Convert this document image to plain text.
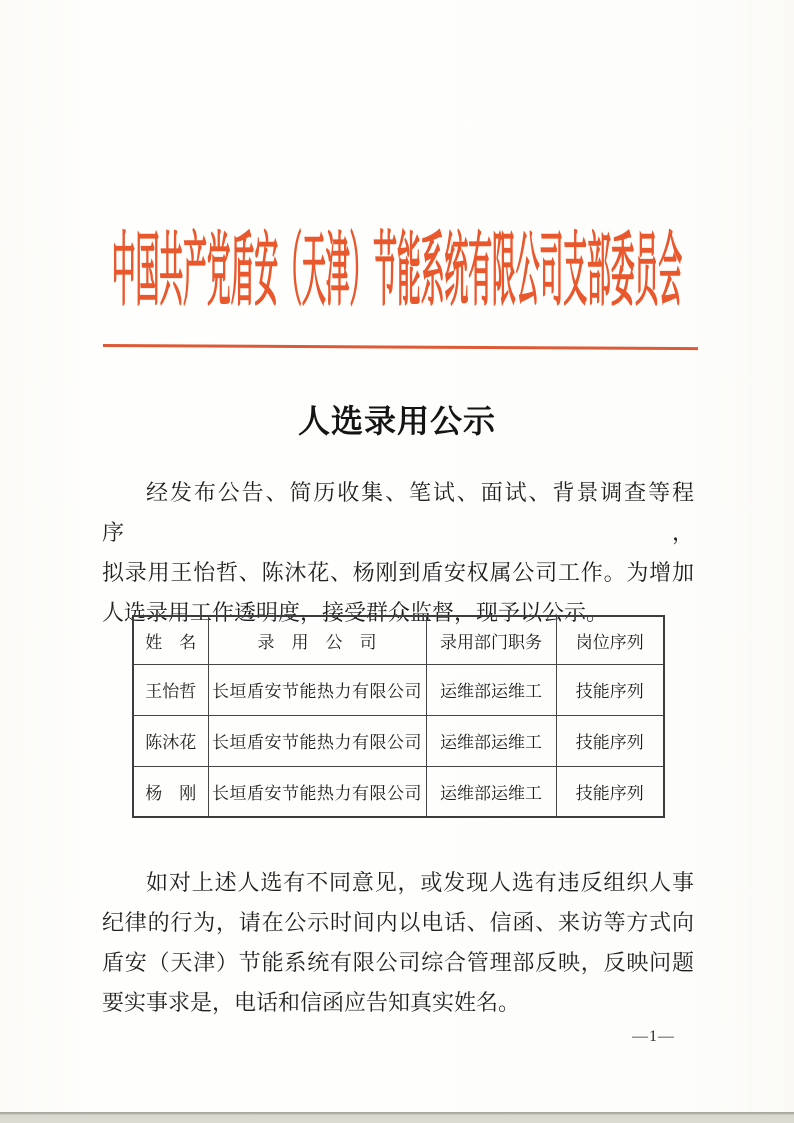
中国共产党盾安（天津）节能系统有限公司支部委员会
人选录用公示
经发布公告、简历收集、笔试、面试、背景调查等程序，
拟录用王怡哲、陈沐花、杨刚到盾安权属公司工作。为增加
人选录用工作透明度，接受群众监督，现予以公示。
姓　名	录　用　公　司	录用部门职务	岗位序列
王怡哲	长垣盾安节能热力有限公司	运维部运维工	技能序列
陈沐花	长垣盾安节能热力有限公司	运维部运维工	技能序列
杨　刚	长垣盾安节能热力有限公司	运维部运维工	技能序列
如对上述人选有不同意见，或发现人选有违反组织人事
纪律的行为，请在公示时间内以电话、信函、来访等方式向
盾安（天津）节能系统有限公司综合管理部反映，反映问题
要实事求是，电话和信函应告知真实姓名。
—1—
